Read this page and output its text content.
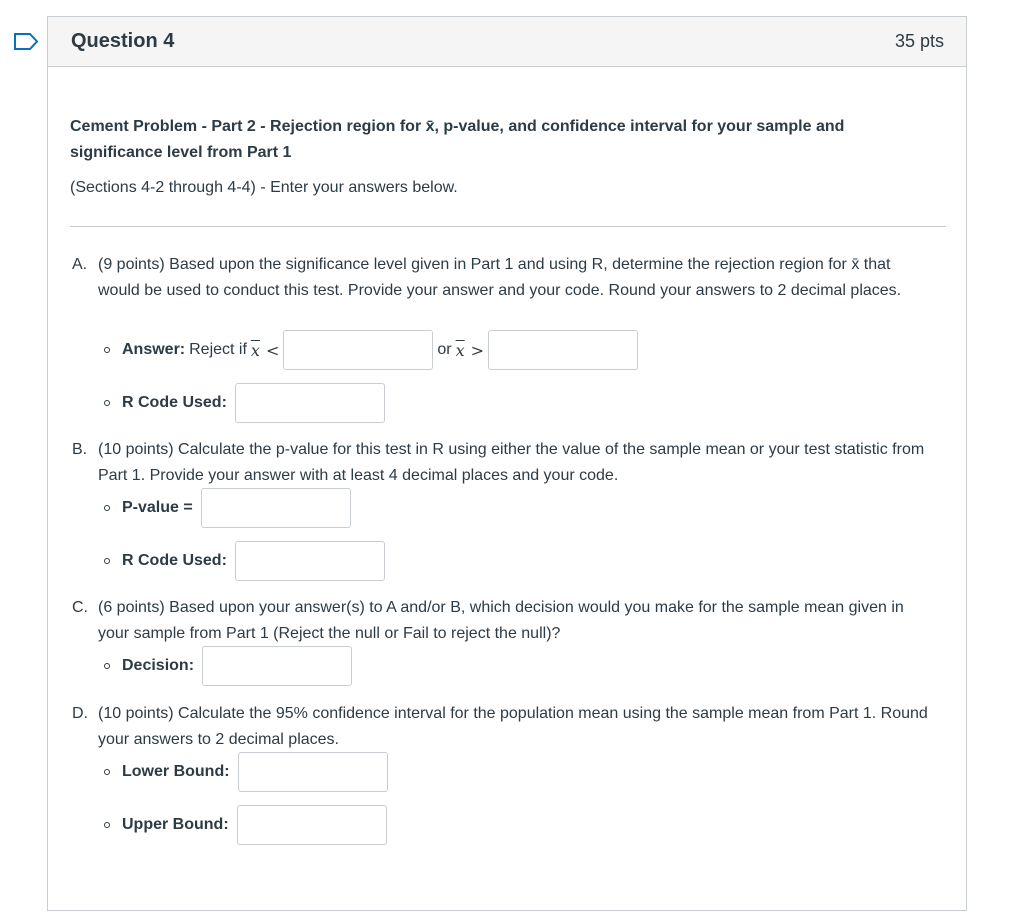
Question 4	35 pts

Cement Problem - Part 2 - Rejection region for x̄, p-value, and confidence interval for your sample and significance level from Part 1

(Sections 4-2 through 4-4) - Enter your answers below.

A. (9 points) Based upon the significance level given in Part 1 and using R, determine the rejection region for x̄ that would be used to conduct this test. Provide your answer and your code. Round your answers to 2 decimal places.
Answer: Reject if $\overline{x}$ <	or $\overline{x}$ >
R Code Used:
B. (10 points) Calculate the p-value for this test in R using either the value of the sample mean or your test statistic from Part 1. Provide your answer with at least 4 decimal places and your code.
P-value =
R Code Used:
C. (6 points) Based upon your answer(s) to A and/or B, which decision would you make for the sample mean given in your sample from Part 1 (Reject the null or Fail to reject the null)?
Decision:
D. (10 points) Calculate the 95% confidence interval for the population mean using the sample mean from Part 1. Round your answers to 2 decimal places.
Lower Bound:
Upper Bound:
